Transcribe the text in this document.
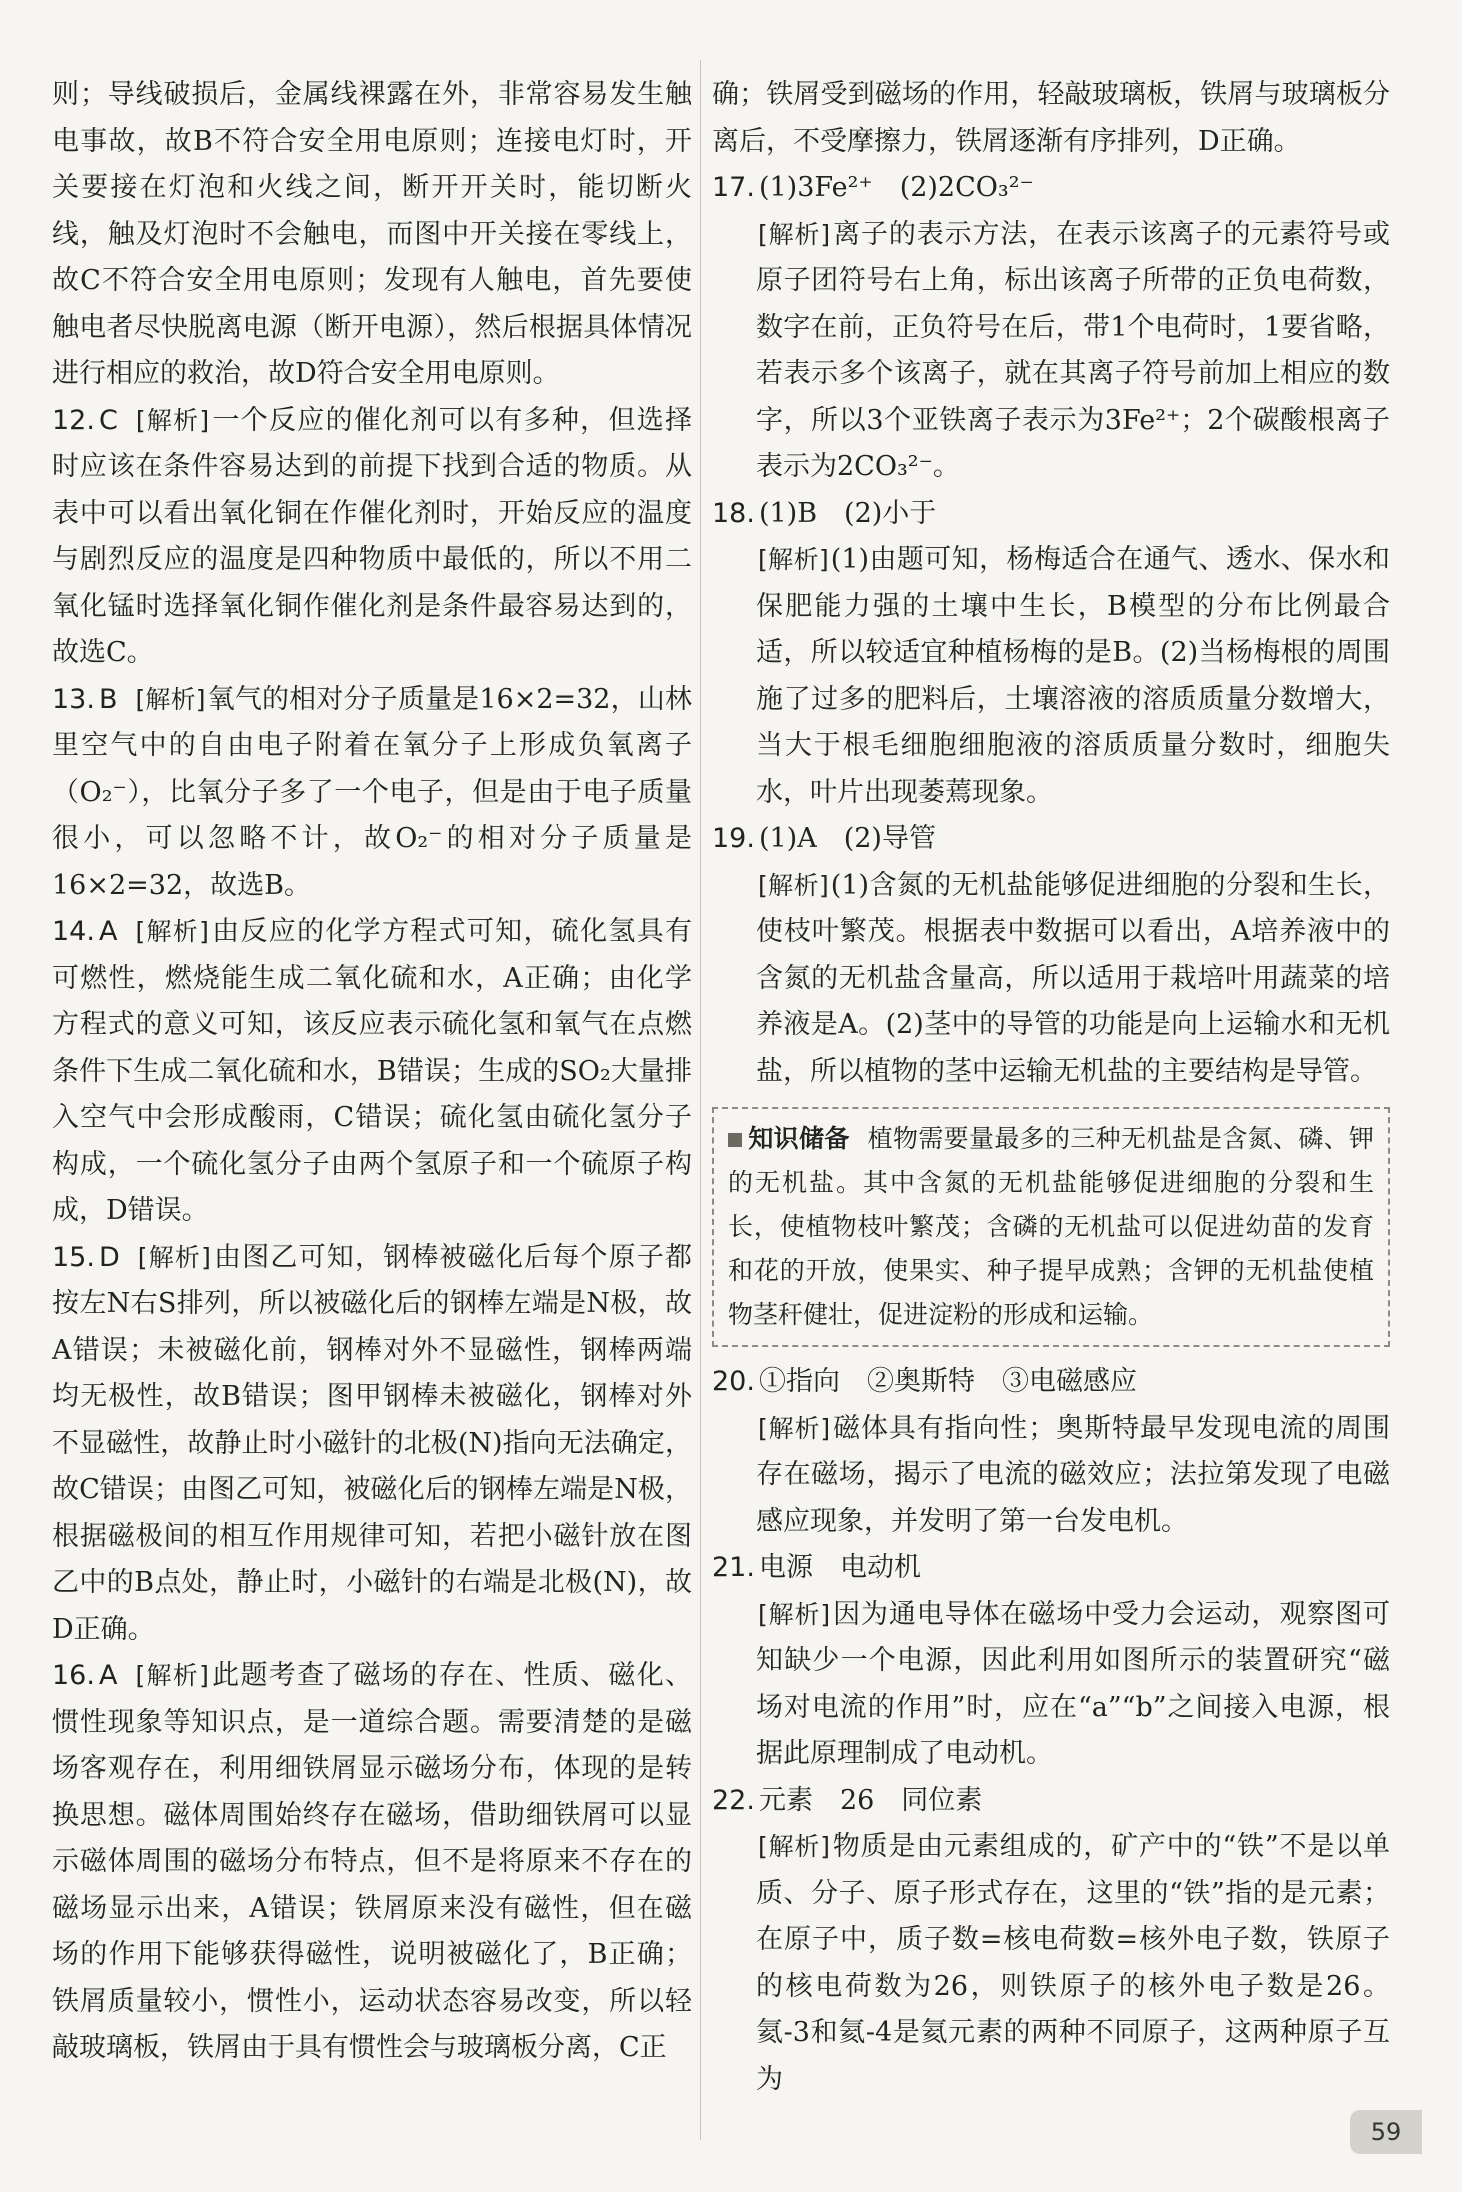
则；导线破损后，金属线裸露在外，非常容易发生触电事故，故B不符合安全用电原则；连接电灯时，开关要接在灯泡和火线之间，断开开关时，能切断火线，触及灯泡时不会触电，而图中开关接在零线上，故C不符合安全用电原则；发现有人触电，首先要使触电者尽快脱离电源（断开电源），然后根据具体情况进行相应的救治，故D符合安全用电原则。

12. C [解析]一个反应的催化剂可以有多种，但选择时应该在条件容易达到的前提下找到合适的物质。从表中可以看出氧化铜在作催化剂时，开始反应的温度与剧烈反应的温度是四种物质中最低的，所以不用二氧化锰时选择氧化铜作催化剂是条件最容易达到的，故选C。

13. B [解析]氧气的相对分子质量是16×2=32，山林里空气中的自由电子附着在氧分子上形成负氧离子（O₂⁻），比氧分子多了一个电子，但是由于电子质量很小，可以忽略不计，故O₂⁻的相对分子质量是16×2=32，故选B。

14. A [解析]由反应的化学方程式可知，硫化氢具有可燃性，燃烧能生成二氧化硫和水，A正确；由化学方程式的意义可知，该反应表示硫化氢和氧气在点燃条件下生成二氧化硫和水，B错误；生成的SO₂大量排入空气中会形成酸雨，C错误；硫化氢由硫化氢分子构成，一个硫化氢分子由两个氢原子和一个硫原子构成，D错误。

15. D [解析]由图乙可知，钢棒被磁化后每个原子都按左N右S排列，所以被磁化后的钢棒左端是N极，故A错误；未被磁化前，钢棒对外不显磁性，钢棒两端均无极性，故B错误；图甲钢棒未被磁化，钢棒对外不显磁性，故静止时小磁针的北极(N)指向无法确定，故C错误；由图乙可知，被磁化后的钢棒左端是N极，根据磁极间的相互作用规律可知，若把小磁针放在图乙中的B点处，静止时，小磁针的右端是北极(N)，故D正确。

16. A [解析]此题考查了磁场的存在、性质、磁化、惯性现象等知识点，是一道综合题。需要清楚的是磁场客观存在，利用细铁屑显示磁场分布，体现的是转换思想。磁体周围始终存在磁场，借助细铁屑可以显示磁体周围的磁场分布特点，但不是将原来不存在的磁场显示出来，A错误；铁屑原来没有磁性，但在磁场的作用下能够获得磁性，说明被磁化了，B正确；铁屑质量较小，惯性小，运动状态容易改变，所以轻敲玻璃板，铁屑由于具有惯性会与玻璃板分离，C正

确；铁屑受到磁场的作用，轻敲玻璃板，铁屑与玻璃板分离后，不受摩擦力，铁屑逐渐有序排列，D正确。

17. (1)3Fe²⁺　(2)2CO₃²⁻

[解析]离子的表示方法，在表示该离子的元素符号或原子团符号右上角，标出该离子所带的正负电荷数，数字在前，正负符号在后，带1个电荷时，1要省略，若表示多个该离子，就在其离子符号前加上相应的数字，所以3个亚铁离子表示为3Fe²⁺；2个碳酸根离子表示为2CO₃²⁻。

18. (1)B　(2)小于

[解析](1)由题可知，杨梅适合在通气、透水、保水和保肥能力强的土壤中生长，B模型的分布比例最合适，所以较适宜种植杨梅的是B。(2)当杨梅根的周围施了过多的肥料后，土壤溶液的溶质质量分数增大，当大于根毛细胞细胞液的溶质质量分数时，细胞失水，叶片出现萎蔫现象。

19. (1)A　(2)导管

[解析](1)含氮的无机盐能够促进细胞的分裂和生长，使枝叶繁茂。根据表中数据可以看出，A培养液中的含氮的无机盐含量高，所以适用于栽培叶用蔬菜的培养液是A。(2)茎中的导管的功能是向上运输水和无机盐，所以植物的茎中运输无机盐的主要结构是导管。

知识储备 植物需要量最多的三种无机盐是含氮、磷、钾的无机盐。其中含氮的无机盐能够促进细胞的分裂和生长，使植物枝叶繁茂；含磷的无机盐可以促进幼苗的发育和花的开放，使果实、种子提早成熟；含钾的无机盐使植物茎秆健壮，促进淀粉的形成和运输。

20. ①指向　②奥斯特　③电磁感应

[解析]磁体具有指向性；奥斯特最早发现电流的周围存在磁场，揭示了电流的磁效应；法拉第发现了电磁感应现象，并发明了第一台发电机。

21. 电源　电动机

[解析]因为通电导体在磁场中受力会运动，观察图可知缺少一个电源，因此利用如图所示的装置研究“磁场对电流的作用”时，应在“a”“b”之间接入电源，根据此原理制成了电动机。

22. 元素　26　同位素

[解析]物质是由元素组成的，矿产中的“铁”不是以单质、分子、原子形式存在，这里的“铁”指的是元素；在原子中，质子数=核电荷数=核外电子数，铁原子的核电荷数为26，则铁原子的核外电子数是26。氦-3和氦-4是氦元素的两种不同原子，这两种原子互为

59
